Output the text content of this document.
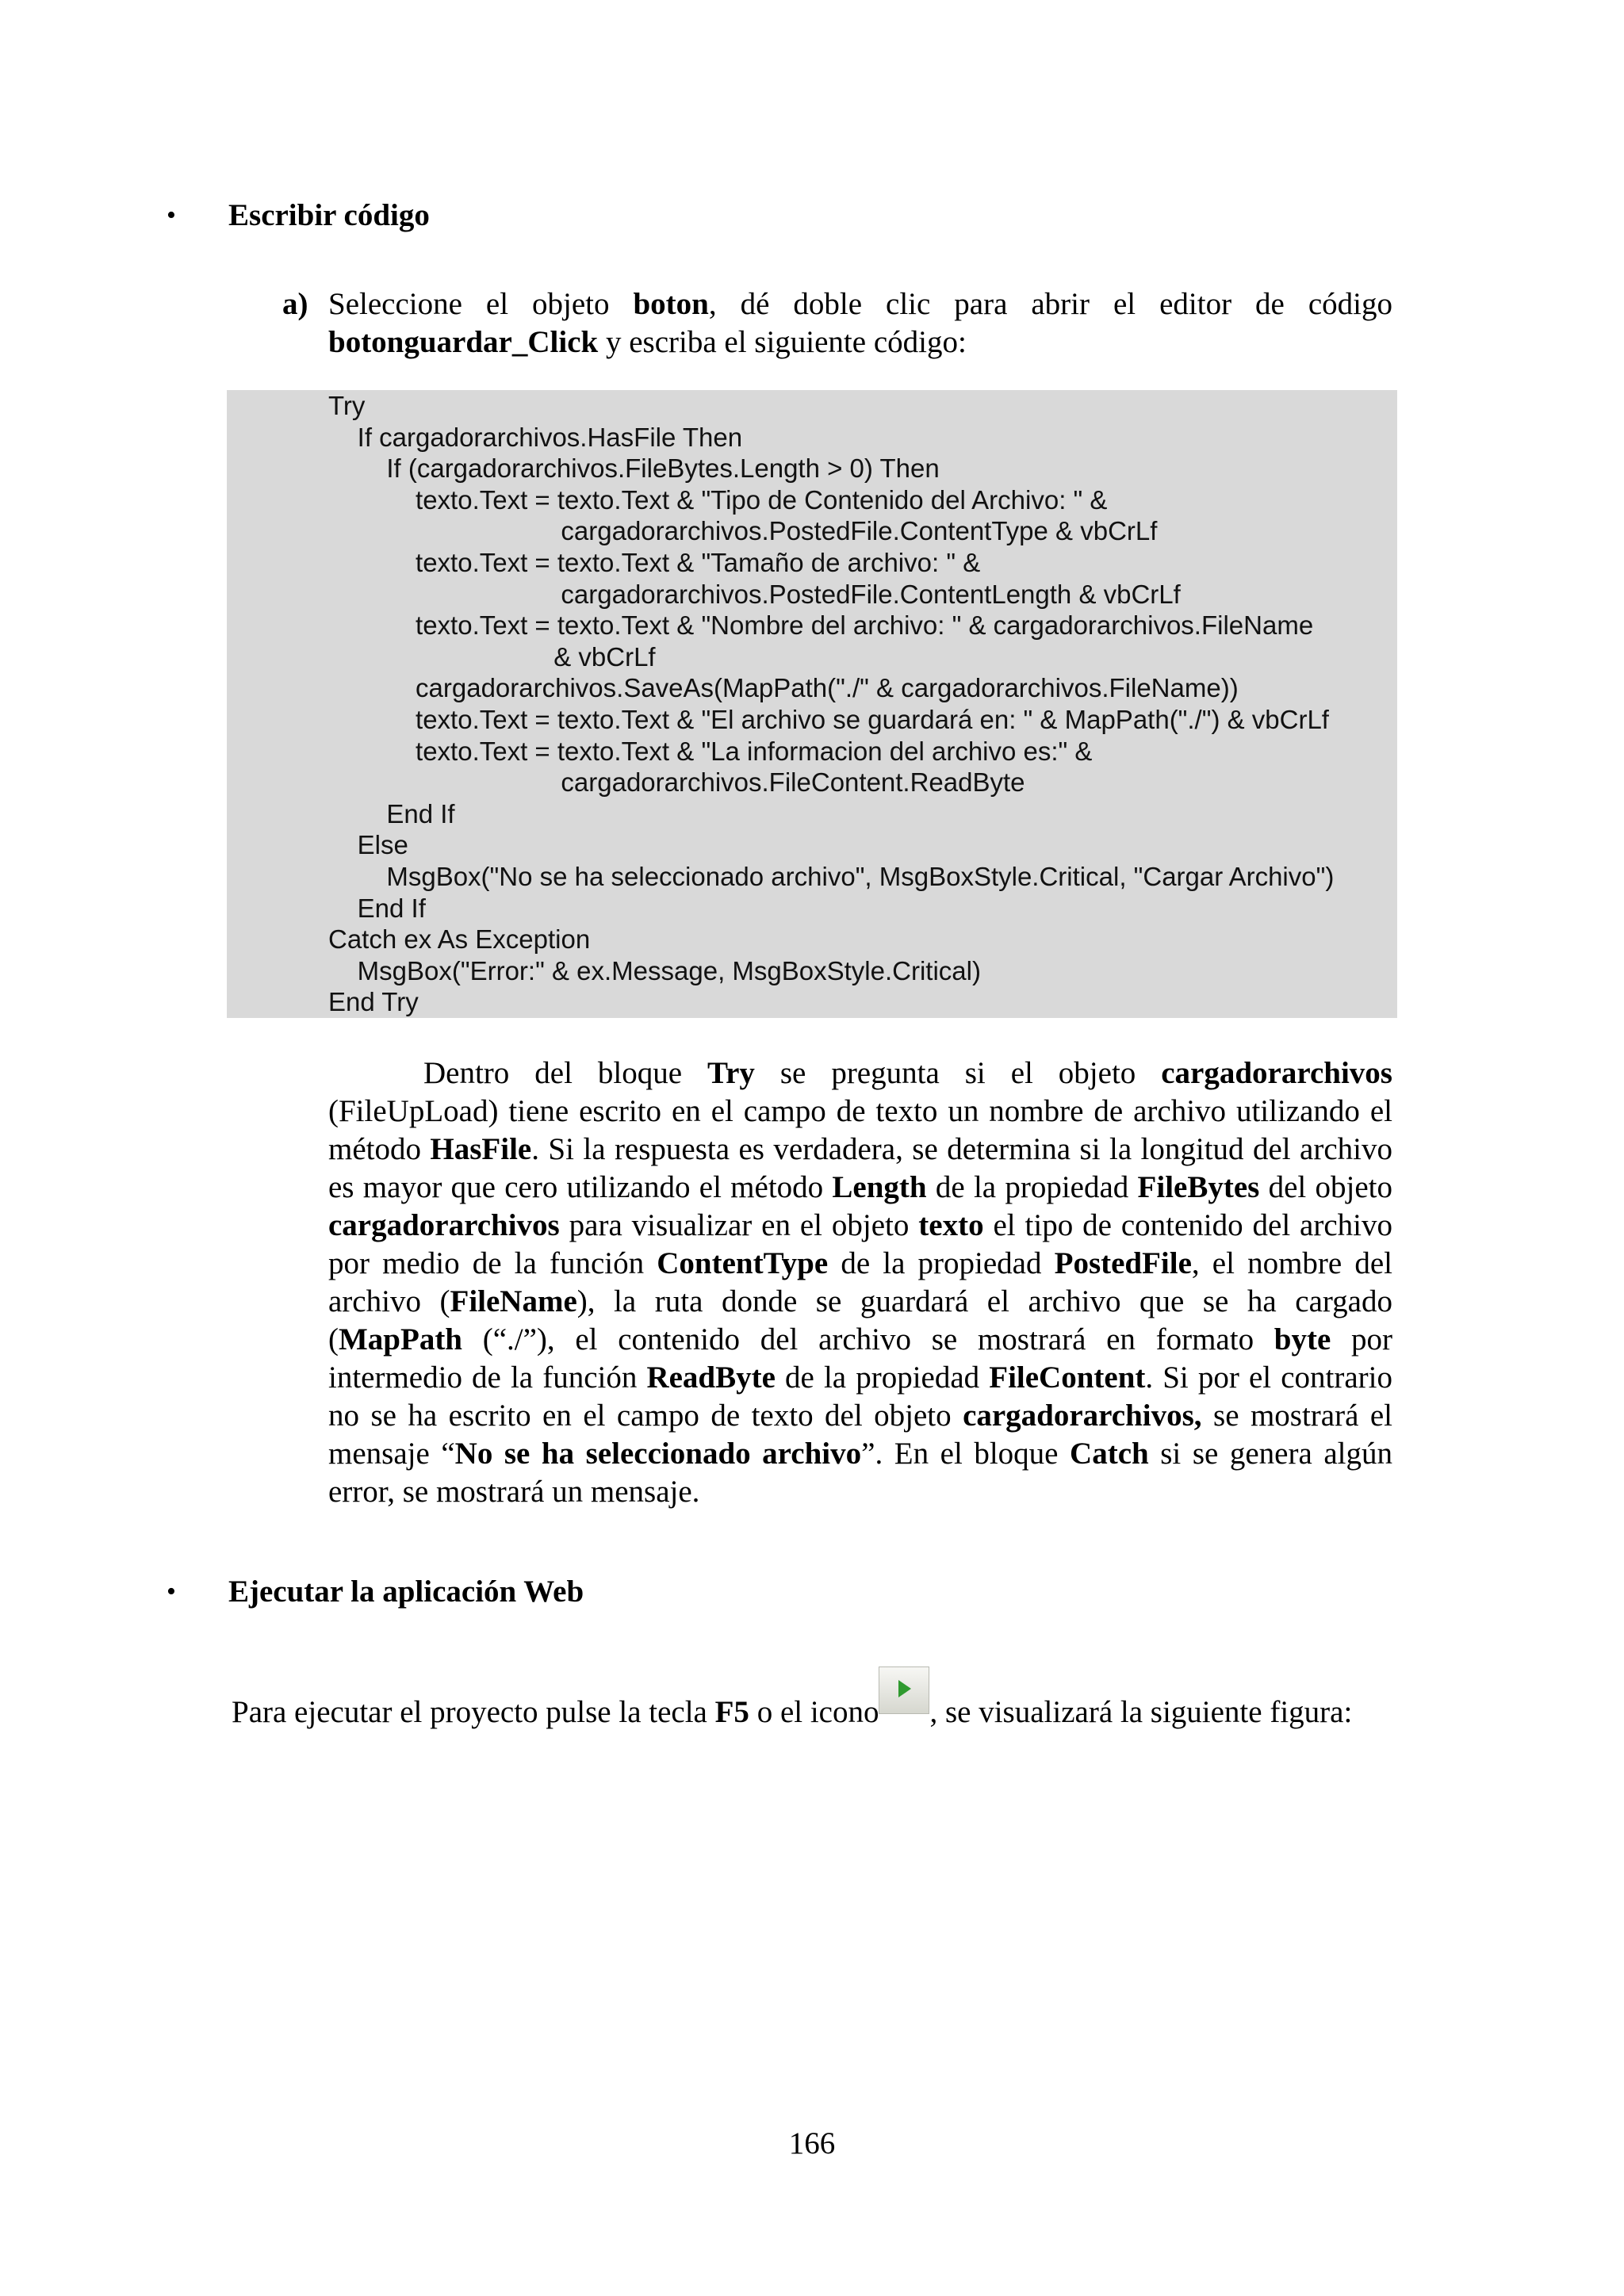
• Escribir código
a) Seleccione el objeto boton, dé doble clic para abrir el editor de código botonguardar_Click y escriba el siguiente código:
Try
If cargadorarchivos.HasFile Then
If (cargadorarchivos.FileBytes.Length > 0) Then
texto.Text = texto.Text & "Tipo de Contenido del Archivo: " &
cargadorarchivos.PostedFile.ContentType & vbCrLf
texto.Text = texto.Text & "Tamaño de archivo: " &
cargadorarchivos.PostedFile.ContentLength & vbCrLf
texto.Text = texto.Text & "Nombre del archivo: " & cargadorarchivos.FileName
& vbCrLf
cargadorarchivos.SaveAs(MapPath("./" & cargadorarchivos.FileName))
texto.Text = texto.Text & "El archivo se guardará en: " & MapPath("./") & vbCrLf
texto.Text = texto.Text & "La informacion del archivo es:" &
cargadorarchivos.FileContent.ReadByte
End If
Else
MsgBox("No se ha seleccionado archivo", MsgBoxStyle.Critical, "Cargar Archivo")
End If
Catch ex As Exception
MsgBox("Error:" & ex.Message, MsgBoxStyle.Critical)
End Try
Dentro del bloque Try se pregunta si el objeto cargadorarchivos (FileUpLoad) tiene escrito en el campo de texto un nombre de archivo utilizando el método HasFile. Si la respuesta es verdadera, se determina si la longitud del archivo es mayor que cero utilizando el método Length de la propiedad FileBytes del objeto cargadorarchivos para visualizar en el objeto texto el tipo de contenido del archivo por medio de la función ContentType de la propiedad PostedFile, el nombre del archivo (FileName), la ruta donde se guardará el archivo que se ha cargado (MapPath (“./”), el contenido del archivo se mostrará en formato byte por intermedio de la función ReadByte de la propiedad FileContent. Si por el contrario no se ha escrito en el campo de texto del objeto cargadorarchivos, se mostrará el mensaje “No se ha seleccionado archivo”. En el bloque Catch si se genera algún error, se mostrará un mensaje.
• Ejecutar la aplicación Web
Para ejecutar el proyecto pulse la tecla F5 o el icono , se visualizará la siguiente figura:
166
